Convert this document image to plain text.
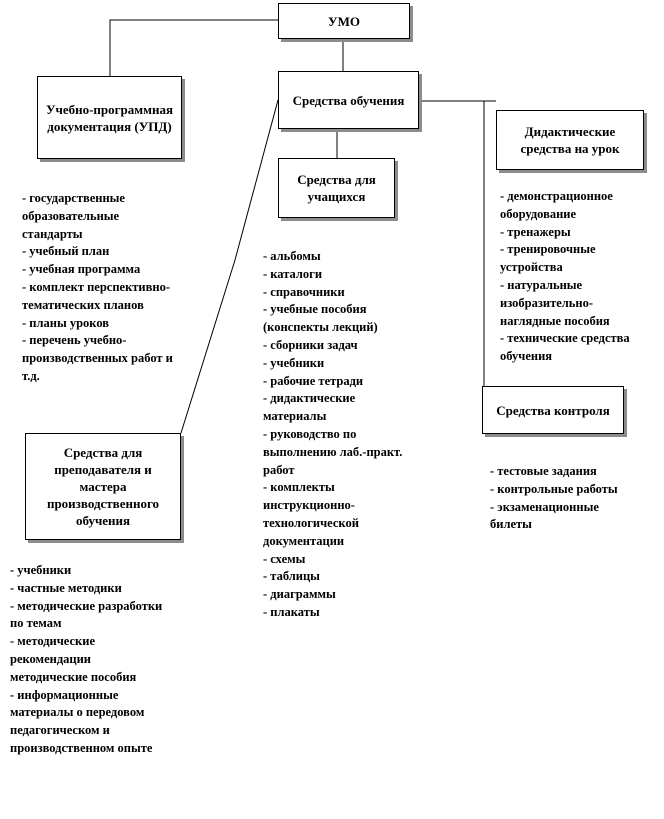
УМО
Учебно-программная документация (УПД)
Средства обучения
Дидактические средства на урок
Средства для учащихся
Средства для преподавателя и мастера производственного обучения
Средства контроля
- государственные образовательные стандарты
- учебный план
- учебная программа
- комплект перспективно-тематических планов
- планы уроков
- перечень учебно-производственных работ и т.д.
- альбомы
- каталоги
- справочники
- учебные пособия (конспекты лекций)
- сборники задач
- учебники
- рабочие тетради
- дидактические материалы
- руководство по выполнению лаб.-практ. работ
- комплекты инструкционно-технологической документации
- схемы
- таблицы
- диаграммы
- плакаты
- демонстрационное оборудование
- тренажеры
- тренировочные устройства
- натуральные изобразительно-наглядные пособия
- технические средства обучения
- учебники
- частные методики
- методические разработки по темам
- методические рекомендации методические пособия
- информационные материалы о передовом педагогическом и производственном опыте
- тестовые задания
- контрольные работы
- экзаменационные билеты
